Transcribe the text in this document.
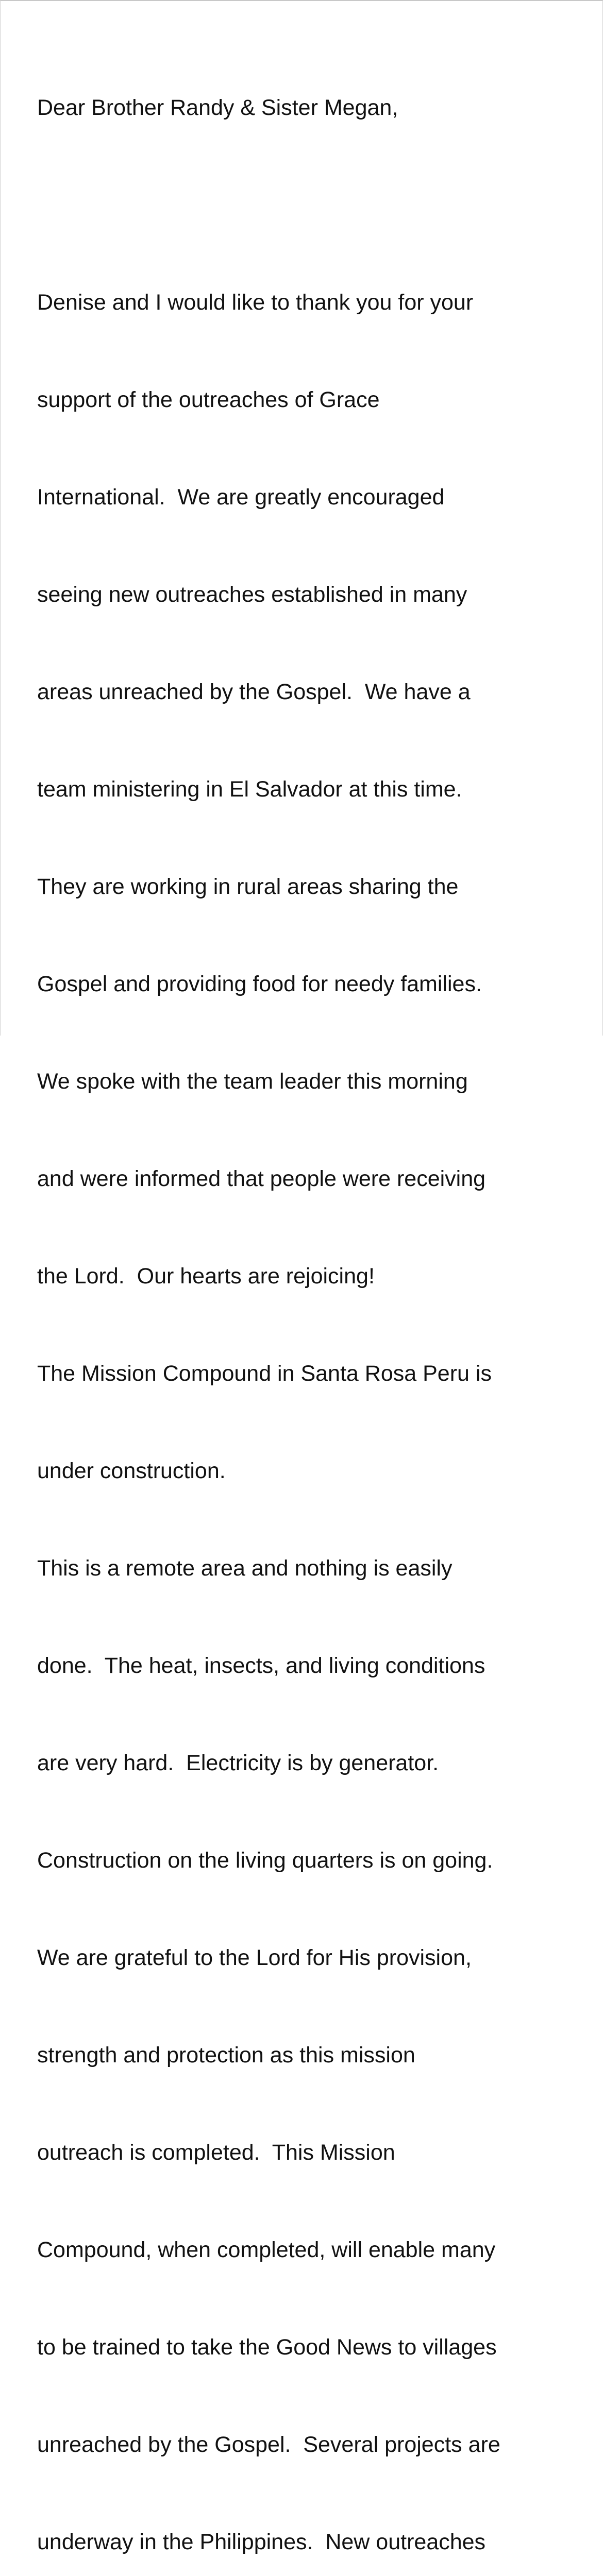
Dear Brother Randy & Sister Megan,

Denise and I would like to thank you for your

support of the outreaches of Grace

International.  We are greatly encouraged

seeing new outreaches established in many

areas unreached by the Gospel.  We have a

team ministering in El Salvador at this time.

They are working in rural areas sharing the

Gospel and providing food for needy families.

We spoke with the team leader this morning

and were informed that people were receiving

the Lord.  Our hearts are rejoicing!

The Mission Compound in Santa Rosa Peru is

under construction.

This is a remote area and nothing is easily

done.  The heat, insects, and living conditions

are very hard.  Electricity is by generator.

Construction on the living quarters is on going.

We are grateful to the Lord for His provision,

strength and protection as this mission

outreach is completed.  This Mission

Compound, when completed, will enable many

to be trained to take the Good News to villages

unreached by the Gospel.  Several projects are

underway in the Philippines.  New outreaches
